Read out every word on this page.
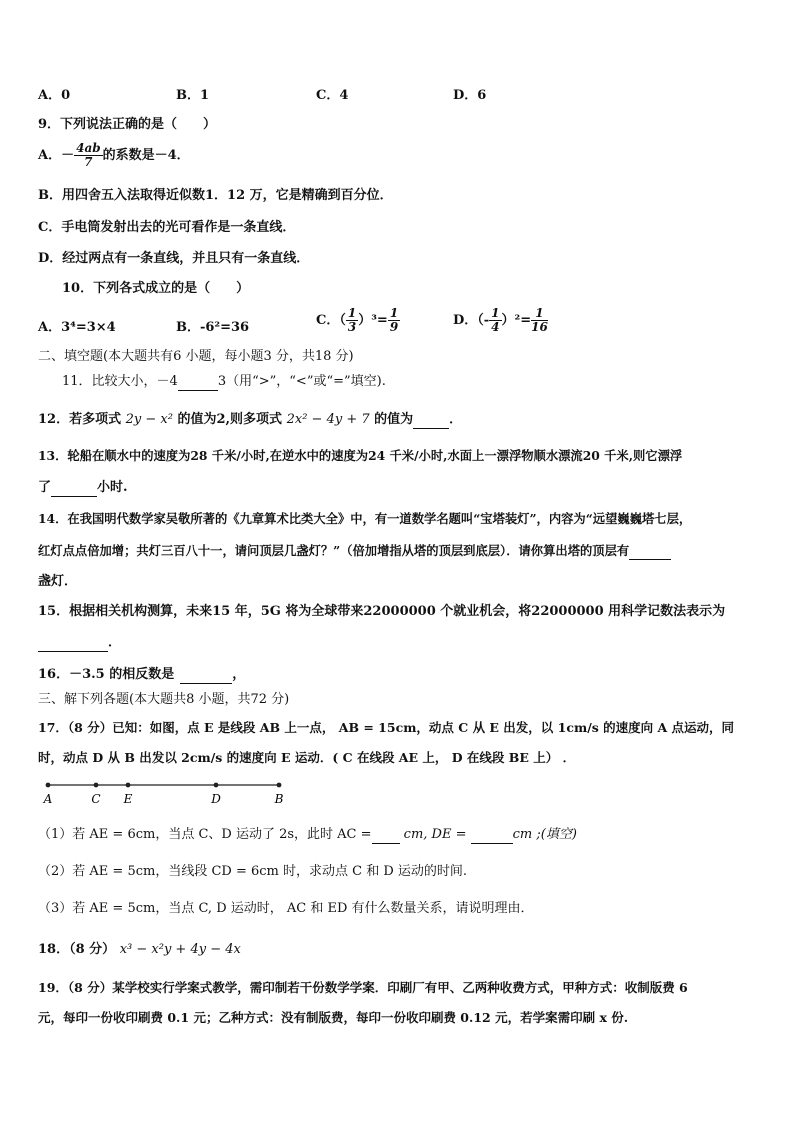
A．0	B．1	C．4	D．6
9．下列说法正确的是（　　）
A．－ $\frac{4ab}{7}$ 的系数是－4．
B．用四舍五入法取得近似数1．12 万，它是精确到百分位．
C．手电筒发射出去的光可看作是一条直线．
D．经过两点有一条直线，并且只有一条直线．
10．下列各式成立的是（　　）
A．3⁴=3×4	B．-6²=36	C．（ $\frac{1}{3} )^3= \frac{1}{9}$	D．（- $\frac{1}{4} )^2= \frac{1}{16}$
二、填空题(本大题共有6 小题，每小题3 分，共18 分)
11．比较大小，－4	3（用“>”，“<”或“=”填空).
12．若多项式 2y − x² 的值为2,则多项式 2x² − 4y + 7 的值为	．
13．轮船在顺水中的速度为28 千米/小时,在逆水中的速度为24 千米/小时,水面上一漂浮物顺水漂流20 千米,则它漂浮
了	小时.
14．在我国明代数学家吴敬所著的《九章算术比类大全》中，有一道数学名题叫“宝塔装灯”，内容为“远望巍巍塔七层，
红灯点点倍加增；共灯三百八十一，请问顶层几盏灯？”（倍加增指从塔的顶层到底层）．请你算出塔的顶层有
盏灯．
15．根据相关机构测算，未来15 年，5G 将为全球带来22000000 个就业机会，将22000000 用科学记数法表示为
．
16．－3.5 的相反数是	，
三、解下列各题(本大题共8 小题，共72 分)
17．（8 分）已知：如图，点 E 是线段 AB 上一点， AB = 15cm，动点 C 从 E 出发，以 1cm/s 的速度向 A 点运动，同
时，动点 D 从 B 出发以 2cm/s 的速度向 E 运动．( C 在线段 AE 上， D 在线段 BE 上） ．
A	C E	D	B
（1）若 AE = 6cm，当点 C、D 运动了 2s，此时 AC = cm, DE =	cm ;(填空)
（2）若 AE = 5cm，当线段 CD = 6cm 时，求动点 C 和 D 运动的时间.
（3）若 AE = 5cm，当点 C, D 运动时， AC 和 ED 有什么数量关系，请说明理由．
18．（8 分） x³ − x²y + 4y − 4x
19．（8 分）某学校实行学案式教学，需印制若干份数学学案．印刷厂有甲、乙两种收费方式，甲种方式：收制版费 6
元，每印一份收印刷费 0.1 元；乙种方式：没有制版费，每印一份收印刷费 0.12 元，若学案需印刷 x 份.
